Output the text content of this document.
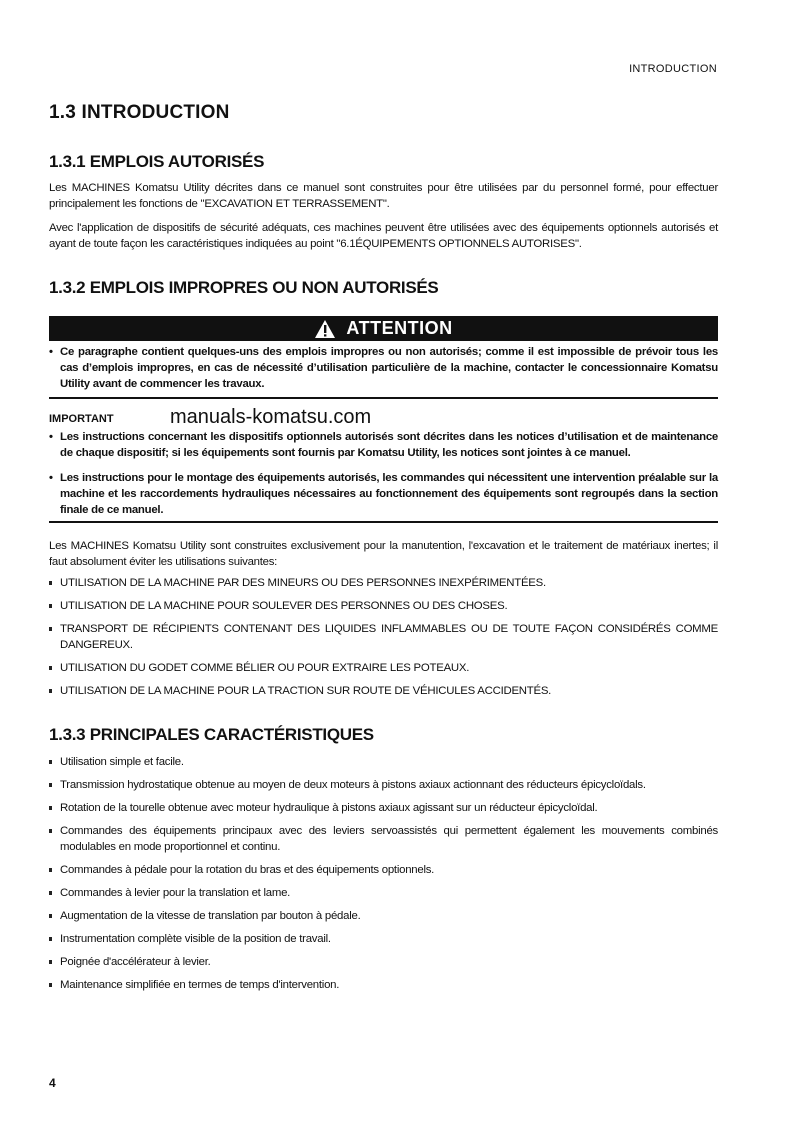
INTRODUCTION
1.3 INTRODUCTION
1.3.1 EMPLOIS AUTORISÉS
Les MACHINES Komatsu Utility décrites dans ce manuel sont construites pour être utilisées par du personnel formé, pour effectuer principalement les fonctions de "EXCAVATION ET TERRASSEMENT".
Avec l'application de dispositifs de sécurité adéquats, ces machines peuvent être utilisées avec des équipements optionnels autorisés et ayant de toute façon les caractéristiques indiquées au point "6.1ÉQUIPEMENTS OPTIONNELS AUTORISES".
1.3.2 EMPLOIS IMPROPRES OU NON AUTORISÉS
ATTENTION
• Ce paragraphe contient quelques-uns des emplois impropres ou non autorisés; comme il est impossible de prévoir tous les cas d’emplois impropres, en cas de nécessité d’utilisation particulière de la machine, contacter le concessionnaire Komatsu Utility avant de commencer les travaux.
IMPORTANT	manuals-komatsu.com
• Les instructions concernant les dispositifs optionnels autorisés sont décrites dans les notices d’utilisation et de maintenance de chaque dispositif; si les équipements sont fournis par Komatsu Utility, les notices sont jointes à ce manuel.
• Les instructions pour le montage des équipements autorisés, les commandes qui nécessitent une intervention préalable sur la machine et les raccordements hydrauliques nécessaires au fonctionnement des équipements sont regroupés dans la section finale de ce manuel.
Les MACHINES Komatsu Utility sont construites exclusivement pour la manutention, l'excavation et le traitement de matériaux inertes; il faut absolument éviter les utilisations suivantes:
UTILISATION DE LA MACHINE PAR DES MINEURS OU DES PERSONNES INEXPÉRIMENTÉES.
UTILISATION DE LA MACHINE POUR SOULEVER DES PERSONNES OU DES CHOSES.
TRANSPORT DE RÉCIPIENTS CONTENANT DES LIQUIDES INFLAMMABLES OU DE TOUTE FAÇON CONSIDÉRÉS COMME DANGEREUX.
UTILISATION DU GODET COMME BÉLIER OU POUR EXTRAIRE LES POTEAUX.
UTILISATION DE LA MACHINE POUR LA TRACTION SUR ROUTE DE VÉHICULES ACCIDENTÉS.
1.3.3 PRINCIPALES CARACTÉRISTIQUES
Utilisation simple et facile.
Transmission hydrostatique obtenue au moyen de deux moteurs à pistons axiaux actionnant des réducteurs épicycloïdals.
Rotation de la tourelle obtenue avec moteur hydraulique à pistons axiaux agissant sur un réducteur épicycloïdal.
Commandes des équipements principaux avec des leviers servoassistés qui permettent également les mouvements combinés modulables en mode proportionnel et continu.
Commandes à pédale pour la rotation du bras et des équipements optionnels.
Commandes à levier pour la translation et lame.
Augmentation de la vitesse de translation par bouton à pédale.
Instrumentation complète visible de la position de travail.
Poignée d'accélérateur à levier.
Maintenance simplifiée en termes de temps d'intervention.
4
